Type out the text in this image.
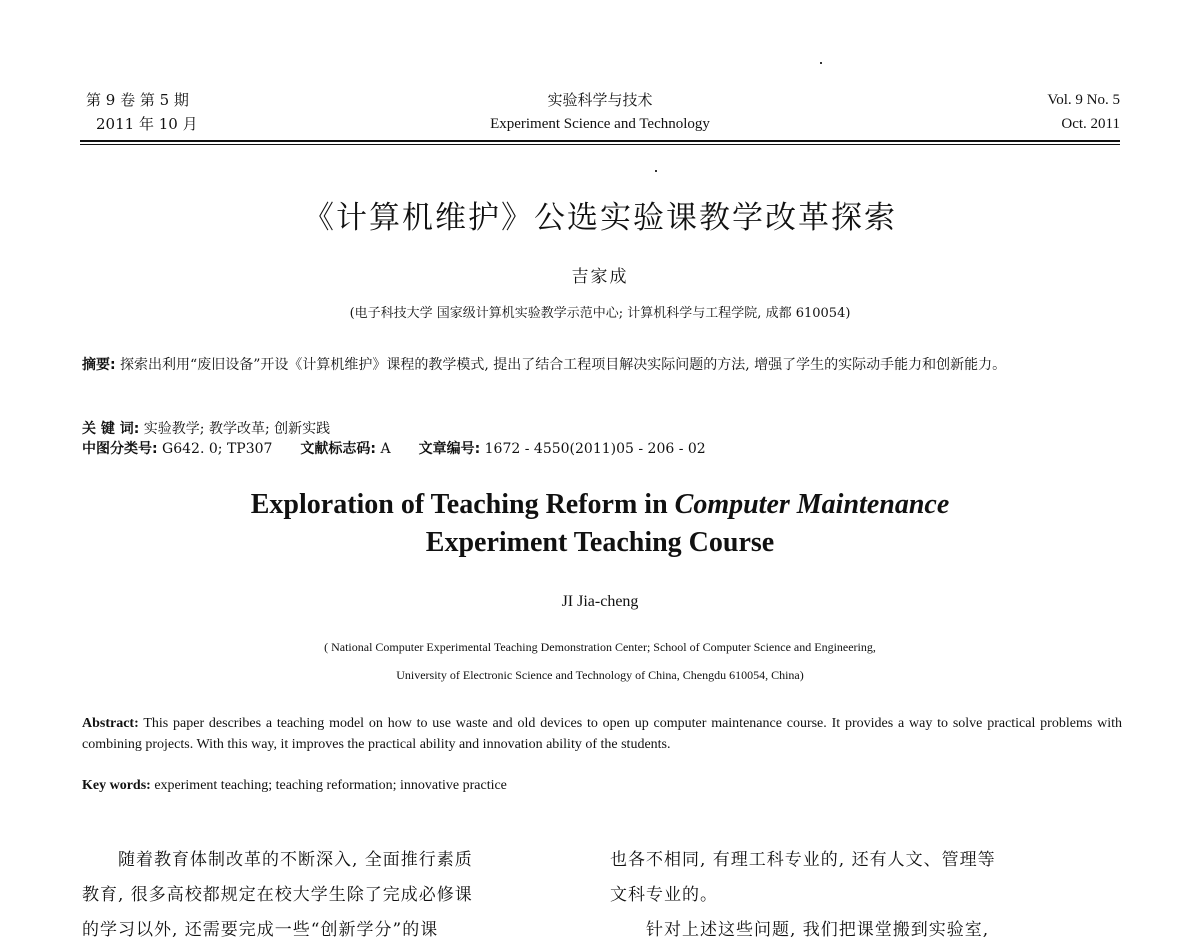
第 9 卷 第 5 期
2011 年 10 月
实验科学与技术
Experiment Science and Technology
Vol. 9 No. 5
Oct. 2011
《计算机维护》公选实验课教学改革探索
吉家成
(电子科技大学 国家级计算机实验教学示范中心; 计算机科学与工程学院, 成都 610054)
摘要: 探索出利用“废旧设备”开设《计算机维护》课程的教学模式, 提出了结合工程项目解决实际问题的方法, 增强了学生的实际动手能力和创新能力。
关 键 词: 实验教学; 教学改革; 创新实践
中图分类号: G642. 0; TP307 文献标志码: A 文章编号: 1672 - 4550(2011)05 - 206 - 02
Exploration of Teaching Reform in Computer Maintenance
Experiment Teaching Course
JI Jia-cheng
( National Computer Experimental Teaching Demonstration Center; School of Computer Science and Engineering,
University of Electronic Science and Technology of China, Chengdu 610054, China)
Abstract: This paper describes a teaching model on how to use waste and old devices to open up computer maintenance course. It provides a way to solve practical problems with combining projects. With this way, it improves the practical ability and innovation ability of the students.
Key words: experiment teaching; teaching reformation; innovative practice
随着教育体制改革的不断深入, 全面推行素质
教育, 很多高校都规定在校大学生除了完成必修课
的学习以外, 还需要完成一些“创新学分”的课
也各不相同, 有理工科专业的, 还有人文、管理等
文科专业的。
针对上述这些问题, 我们把课堂搬到实验室,
